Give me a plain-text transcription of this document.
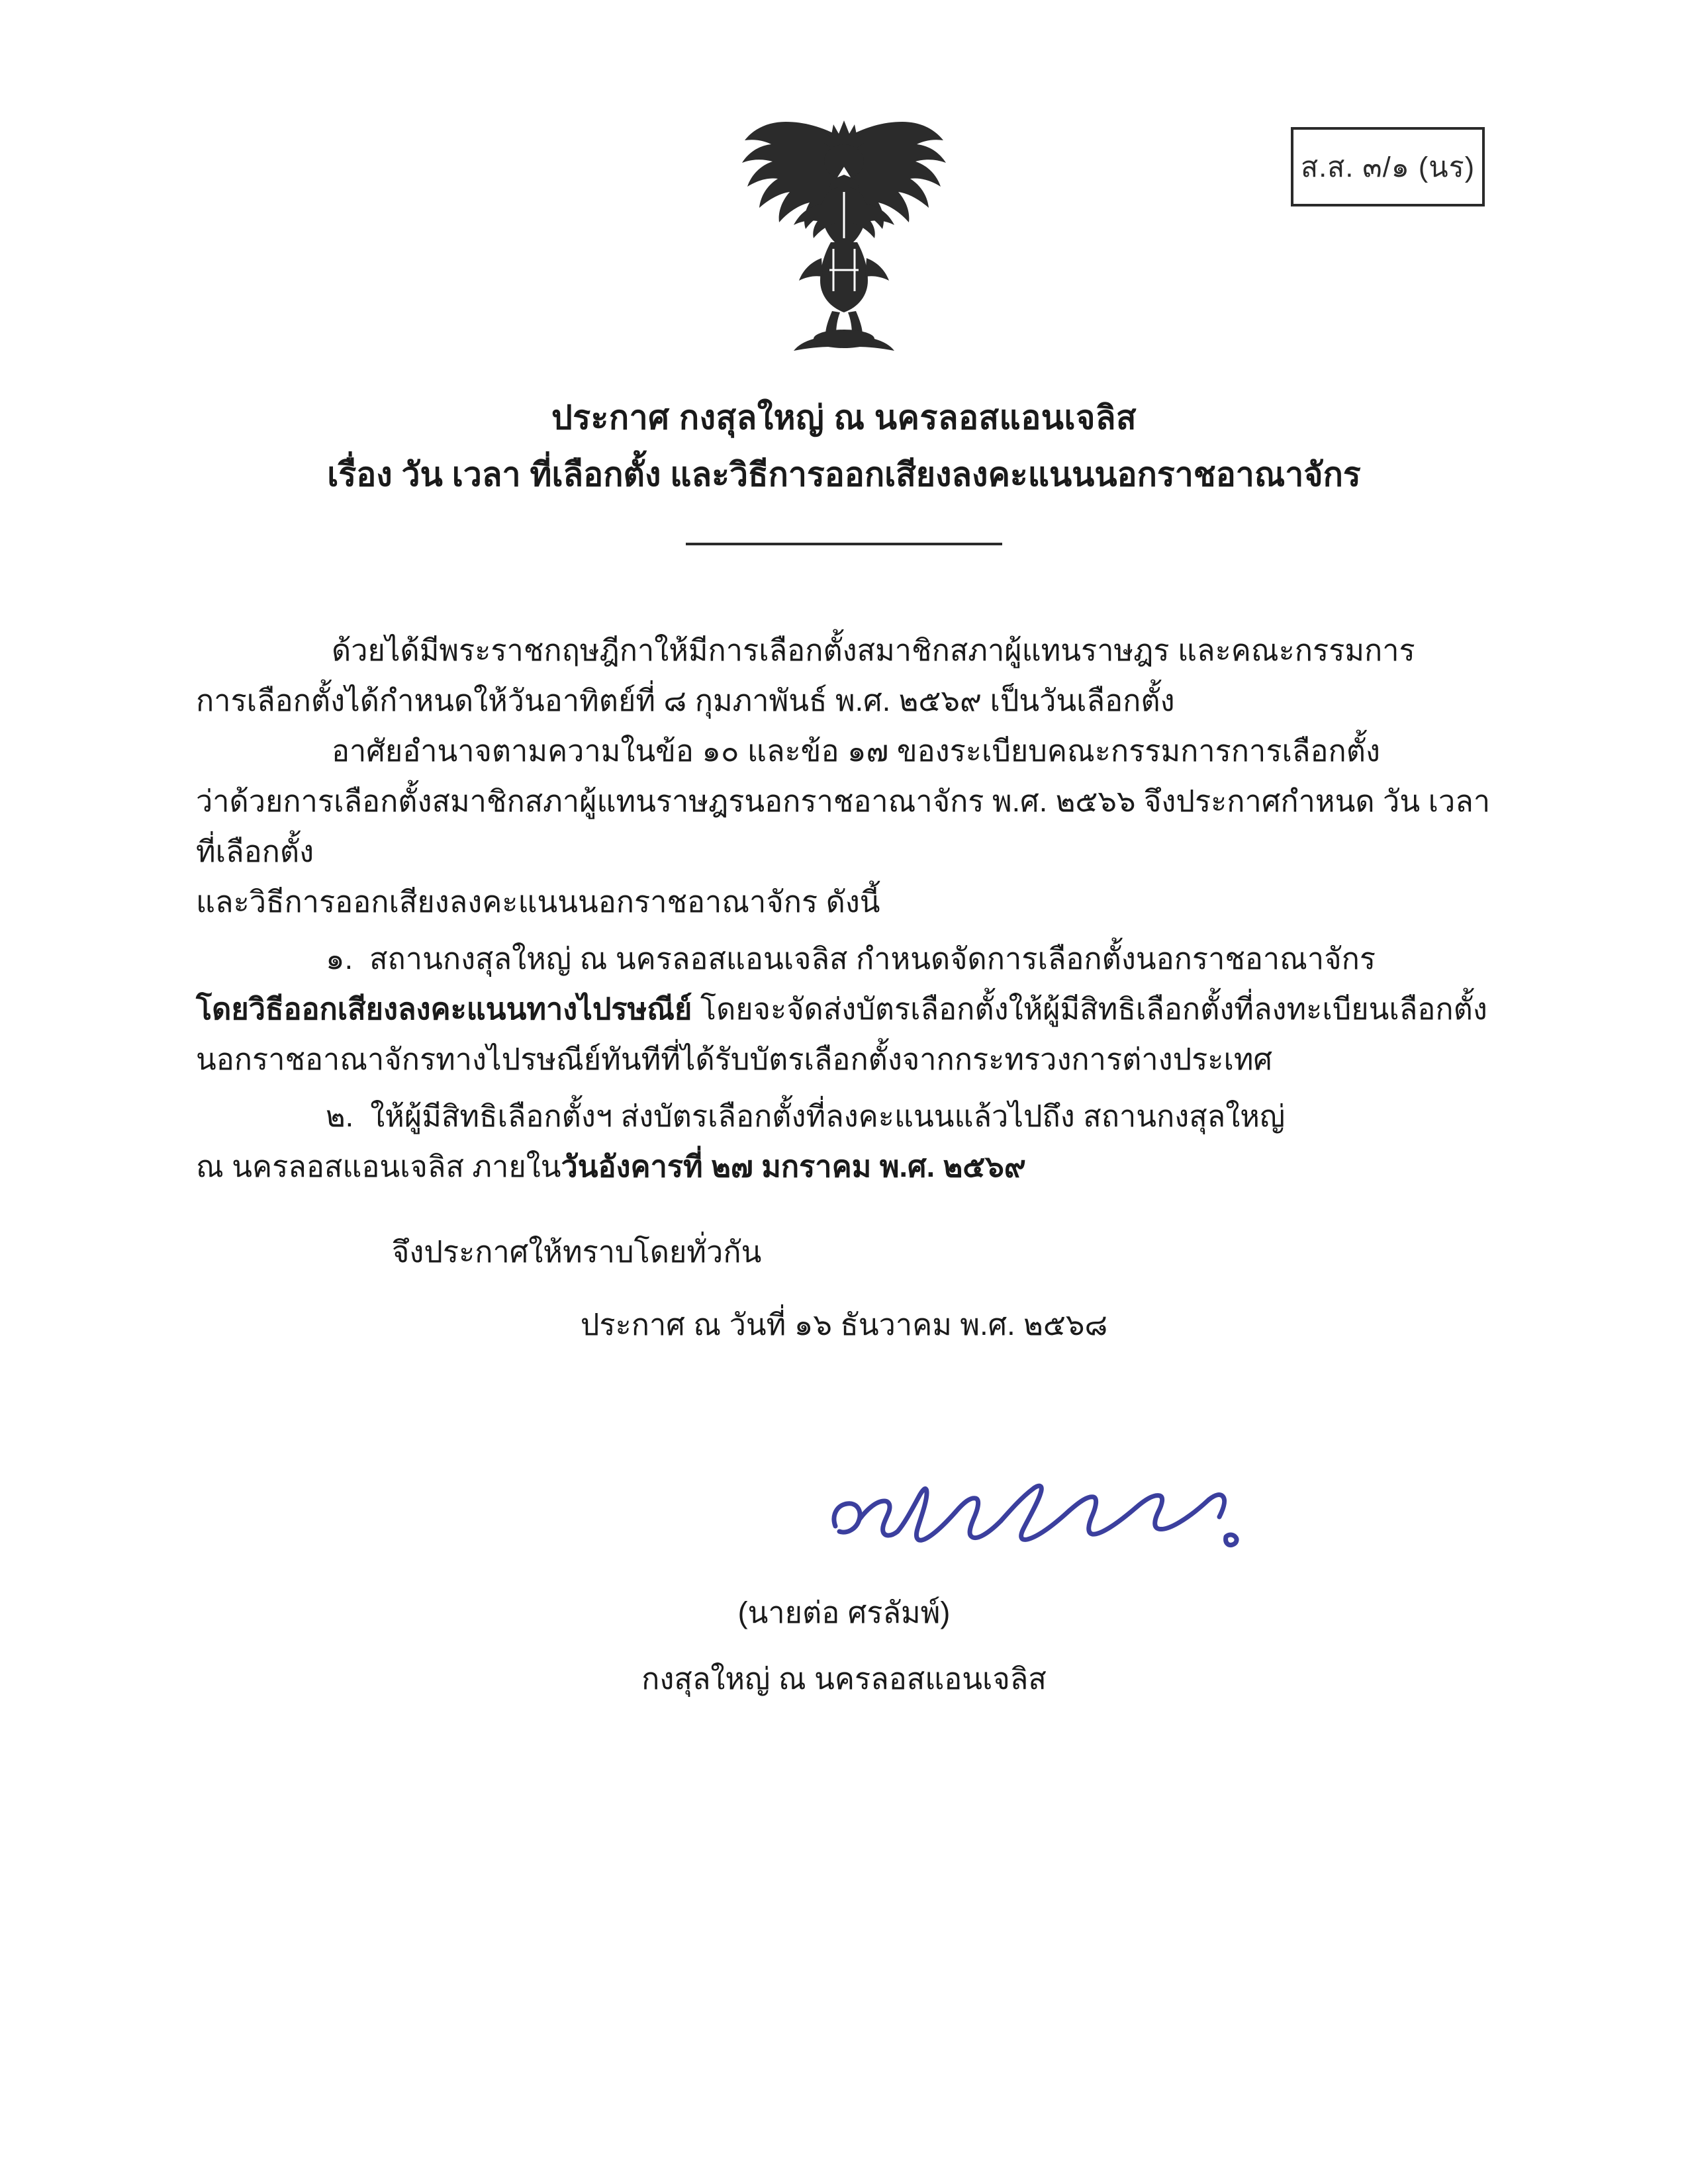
ส.ส. ๓/๑ (นร)
ประกาศ กงสุลใหญ่ ณ นครลอสแอนเจลิส
เรื่อง วัน เวลา ที่เลือกตั้ง และวิธีการออกเสียงลงคะแนนนอกราชอาณาจักร

ด้วยได้มีพระราชกฤษฎีกาให้มีการเลือกตั้งสมาชิกสภาผู้แทนราษฎร และคณะกรรมการ

การเลือกตั้งได้กำหนดให้วันอาทิตย์ที่ ๘ กุมภาพันธ์ พ.ศ. ๒๕๖๙ เป็นวันเลือกตั้ง

อาศัยอำนาจตามความในข้อ ๑๐ และข้อ ๑๗ ของระเบียบคณะกรรมการการเลือกตั้ง

ว่าด้วยการเลือกตั้งสมาชิกสภาผู้แทนราษฎรนอกราชอาณาจักร พ.ศ. ๒๕๖๖ จึงประกาศกำหนด วัน เวลา ที่เลือกตั้ง

และวิธีการออกเสียงลงคะแนนนอกราชอาณาจักร ดังนี้

๑. สถานกงสุลใหญ่ ณ นครลอสแอนเจลิส กำหนดจัดการเลือกตั้งนอกราชอาณาจักร

โดยวิธีออกเสียงลงคะแนนทางไปรษณีย์ โดยจะจัดส่งบัตรเลือกตั้งให้ผู้มีสิทธิเลือกตั้งที่ลงทะเบียนเลือกตั้ง

นอกราชอาณาจักรทางไปรษณีย์ทันทีที่ได้รับบัตรเลือกตั้งจากกระทรวงการต่างประเทศ

๒. ให้ผู้มีสิทธิเลือกตั้งฯ ส่งบัตรเลือกตั้งที่ลงคะแนนแล้วไปถึง สถานกงสุลใหญ่

ณ นครลอสแอนเจลิส ภายในวันอังคารที่ ๒๗ มกราคม พ.ศ. ๒๕๖๙

จึงประกาศให้ทราบโดยทั่วกัน
ประกาศ ณ วันที่ ๑๖ ธันวาคม พ.ศ. ๒๕๖๘
(นายต่อ ศรลัมพ์)
กงสุลใหญ่ ณ นครลอสแอนเจลิส
